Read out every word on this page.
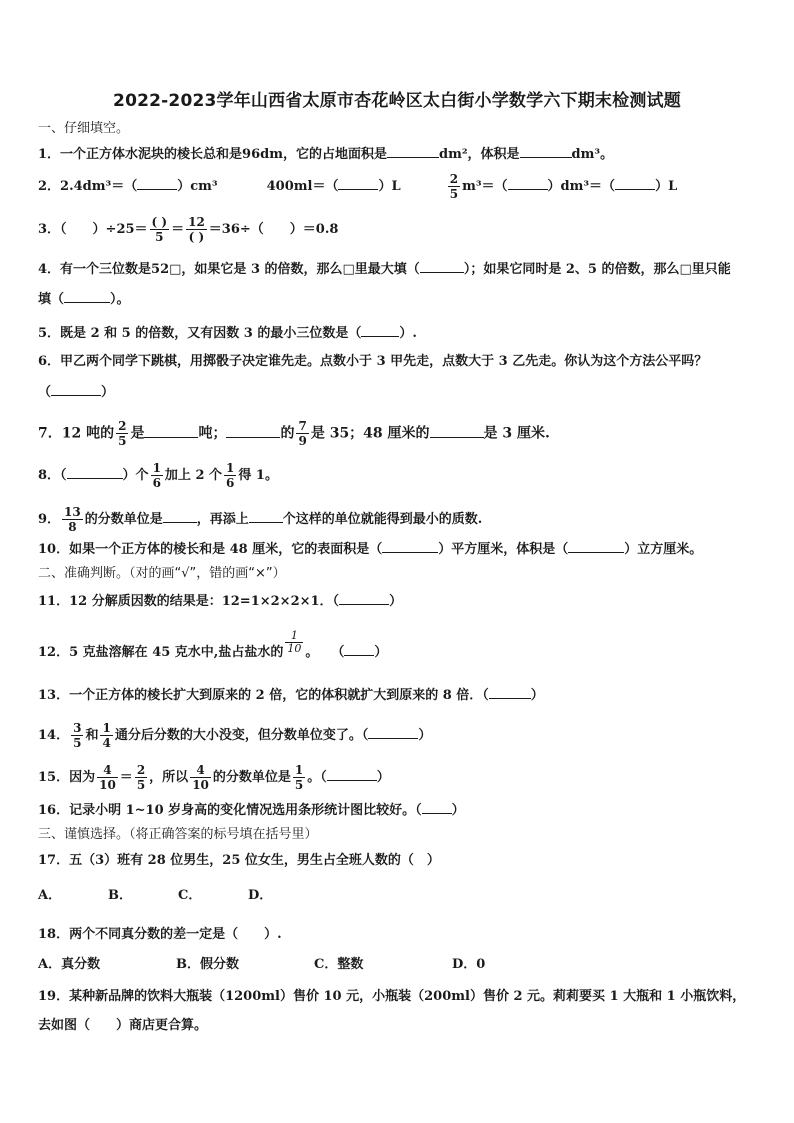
2022-2023学年山西省太原市杏花岭区太白街小学数学六下期末检测试题
一、仔细填空。
1．一个正方体水泥块的棱长总和是96dm，它的占地面积是	dm²，体积是	dm³。
2．2.4dm³＝（	）cm³	400ml＝（	）L	$\frac{2}{5} m^3=$（	）dm³＝（	）L
3．（　　）$\div 25= \frac{( )}{5} = \frac{12}{( )} =36\div$（　　）＝0.8
4．有一个三位数是52□，如果它是 3 的倍数，那么□里最大填（	）；如果它同时是 2、5 的倍数，那么□里只能
填（	）。
5．既是 2 和 5 的倍数，又有因数 3 的最小三位数是（	）.
6．甲乙两个同学下跳棋，用掷骰子决定谁先走。点数小于 3 甲先走，点数大于 3 乙先走。你认为这个方法公平吗？
（	）
7．12 吨的 $\frac{2}{5}$ 是	吨；	的 $\frac{7}{9}$ 是 35；48 厘米的	是 3 厘米.
8．（	）个 $\frac{1}{6}$ 加上 2 个 $\frac{1}{6}$ 得 1。
9． $\frac{13}{8}$ 的分数单位是	，再添上	个这样的单位就能得到最小的质数.
10．如果一个正方体的棱长和是 48 厘米，它的表面积是（	）平方厘米，体积是（	）立方厘米。
二、准确判断。（对的画“√”，错的画“×”）
11．12 分解质因数的结果是：12=1×2×2×1．（	）
12．5 克盐溶解在 45 克水中,盐占盐水的 $\frac{1}{10}$ 。　　（ ）
13．一个正方体的棱长扩大到原来的 2 倍，它的体积就扩大到原来的 8 倍．（	）
14． $\frac{3}{5}$ 和 $\frac{1}{4}$ 通分后分数的大小没变，但分数单位变了。（	）
15．因为 $\frac{4}{10} = \frac{2}{5}$ ，所以 $\frac{4}{10}$ 的分数单位是 $\frac{1}{5}$ 。（	）
16．记录小明 1~10 岁身高的变化情况选用条形统计图比较好。（ ）
三、谨慎选择。（将正确答案的标号填在括号里）
17．五（3）班有 28 位男生，25 位女生，男生占全班人数的（　）
A．	B．	C．	D．
18．两个不同真分数的差一定是（　　）.
A．真分数	B．假分数	C．整数	D．0
19．某种新品牌的饮料大瓶装（1200ml）售价 10 元，小瓶装（200ml）售价 2 元。莉莉要买 1 大瓶和 1 小瓶饮料，
去如图（　　）商店更合算。
